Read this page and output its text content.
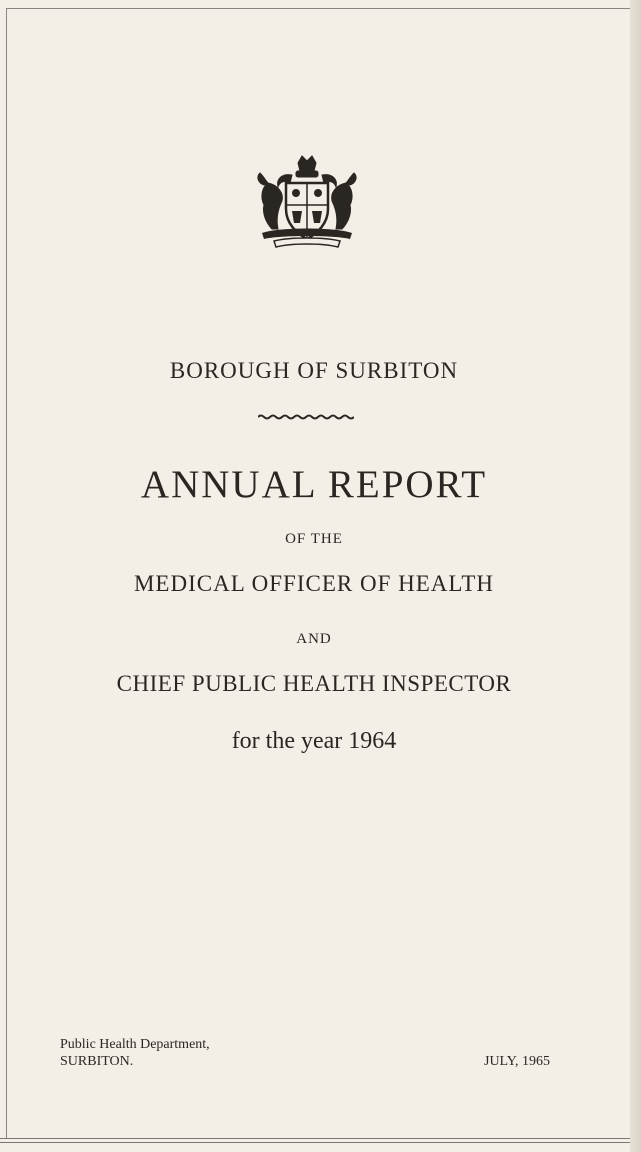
BOROUGH OF SURBITON
ANNUAL REPORT
OF THE
MEDICAL OFFICER OF HEALTH
AND
CHIEF PUBLIC HEALTH INSPECTOR
for the year 1964
Public Health Department,
SURBITON.	JULY, 1965
